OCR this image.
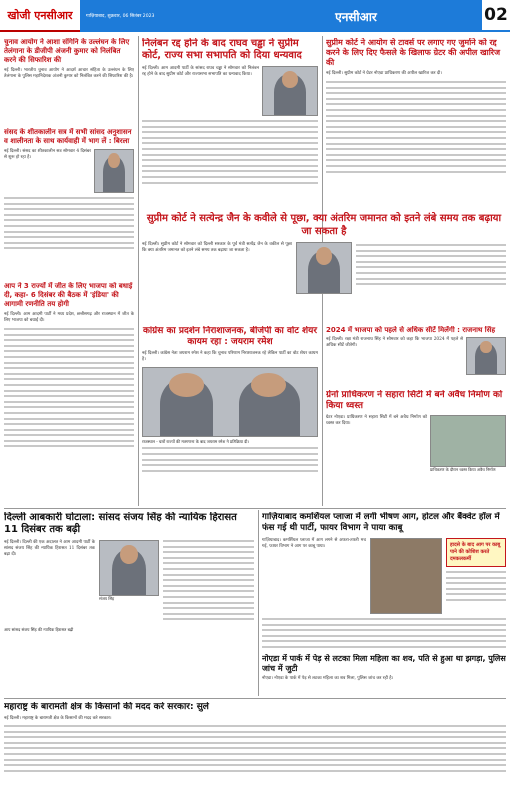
खोजी एनसीआर	गाज़ियाबाद, शुक्रवार, 06 सितंबर 2023	एनसीआर	02
चुनाव आयोग ने आशा संगिनि के उल्लंघन के लिए तेलंगाना के डीजीपी अंजनी कुमार को निलंबित करने की सिफारिश की
नई दिल्ली। भारतीय चुनाव आयोग ने आदर्श आचार संहिता के उल्लंघन के लिए तेलंगाना के पुलिस महानिदेशक अंजनी कुमार को निलंबित करने की सिफारिश की है।
संसद के शीतकालीन सत्र में सभी सांसद अनुशासन व शालीनता के साथ कार्यवाही में भाग लें : बिरला
नई दिल्ली। संसद का शीतकालीन सत्र सोमवार 4 दिसंबर से शुरू हो रहा है।
आप ने 3 राज्यों में जीत के लिए भाजपा को बधाई दी, कहा- 6 दिसंबर की बैठक में 'इंडिया' की आगामी रणनीति तय होगी
नई दिल्ली। आम आदमी पार्टी ने मध्य प्रदेश, छत्तीसगढ़ और राजस्थान में जीत के लिए भाजपा को बधाई दी।
निलंबन रद्द होने के बाद राघव चड्ढा ने सुप्रीम कोर्ट, राज्य सभा सभापति को दिया धन्यवाद
नई दिल्ली। आम आदमी पार्टी के सांसद राघव चड्ढा ने सोमवार को निलंबन रद्द होने के बाद सुप्रीम कोर्ट और राज्यसभा सभापति का धन्यवाद किया।
सुप्रीम कोर्ट ने सत्येन्द्र जैन के कवीले से पूछा, क्या अंतरिम जमानत को इतने लंबे समय तक बढ़ाया जा सकता है
नई दिल्ली। सुप्रीम कोर्ट ने सोमवार को दिल्ली सरकार के पूर्व मंत्री सत्येंद्र जैन के वकील से पूछा कि क्या अंतरिम जमानत को इतने लंबे समय तक बढ़ाया जा सकता है।
कांग्रेस का प्रदर्शन निराशाजनक, बीजेपी का वोट शेयर कायम रहा : जयराम रमेश
नई दिल्ली। कांग्रेस नेता जयराम रमेश ने कहा कि चुनाव परिणाम निराशाजनक रहे लेकिन पार्टी का वोट शेयर कायम है।
राजस्थान - चारों राज्यों की मतगणना के बाद जयराम रमेश ने प्रतिक्रिया दी।
सुप्रीम कोर्ट ने आयोग से टावर्स पर लगाए गए जुर्माने को रद्द करने के लिए दिए फैसले के खिलाफ ग्रेटर की अपील खारिज की
नई दिल्ली। सुप्रीम कोर्ट ने ग्रेटर नोएडा प्राधिकरण की अपील खारिज कर दी।
2024 में भाजपा को पहले से अधिक सीटें मिलेंगी : राजनाथ सिंह
नई दिल्ली। रक्षा मंत्री राजनाथ सिंह ने सोमवार को कहा कि भाजपा 2024 में पहले से अधिक सीटें जीतेगी।
ग्रेनो प्राधिकरण ने सहारा सिटी में बने अवैध निर्माण को किया ध्वस्त
ग्रेटर नोएडा। प्राधिकरण ने सहारा सिटी में बने अवैध निर्माण को ध्वस्त कर दिया।
प्राधिकरण के दौरान ध्वस्त किया अवैध निर्माण
दिल्ली आबकारी घोटाला: सांसद संजय सिंह की न्यायिक हिरासत 11 दिसंबर तक बढ़ी
नई दिल्ली। दिल्ली की एक अदालत ने आम आदमी पार्टी के सांसद संजय सिंह की न्यायिक हिरासत 11 दिसंबर तक बढ़ा दी।
संजय सिंह
आप सांसद संजय सिंह की न्यायिक हिरासत बढ़ी
गाज़ियाबाद कमर्शियल प्लाजा में लगी भीषण आग, होटल और बैंक्वेट हॉल में फंस गई थी पार्टी, फायर विभाग ने पाया काबू
गाज़ियाबाद। कमर्शियल प्लाजा में आग लगने से अफरा-तफरी मच गई, फायर विभाग ने आग पर काबू पाया।	हादसे के बाद आग पर काबू पाने की कोशिश करते दमकलकर्मी
नोएडा में पार्क में पेड़ से लटका मिला महिला का शव, पति से हुआ था झगड़ा, पुलिस जांच में जुटी
नोएडा। नोएडा के पार्क में पेड़ से लटका महिला का शव मिला, पुलिस जांच कर रही है।
महाराष्ट्र के बारामती क्षेत्र के किसानों की मदद करे सरकार: सुले
नई दिल्ली। महाराष्ट्र के बारामती क्षेत्र के किसानों की मदद करे सरकार।
